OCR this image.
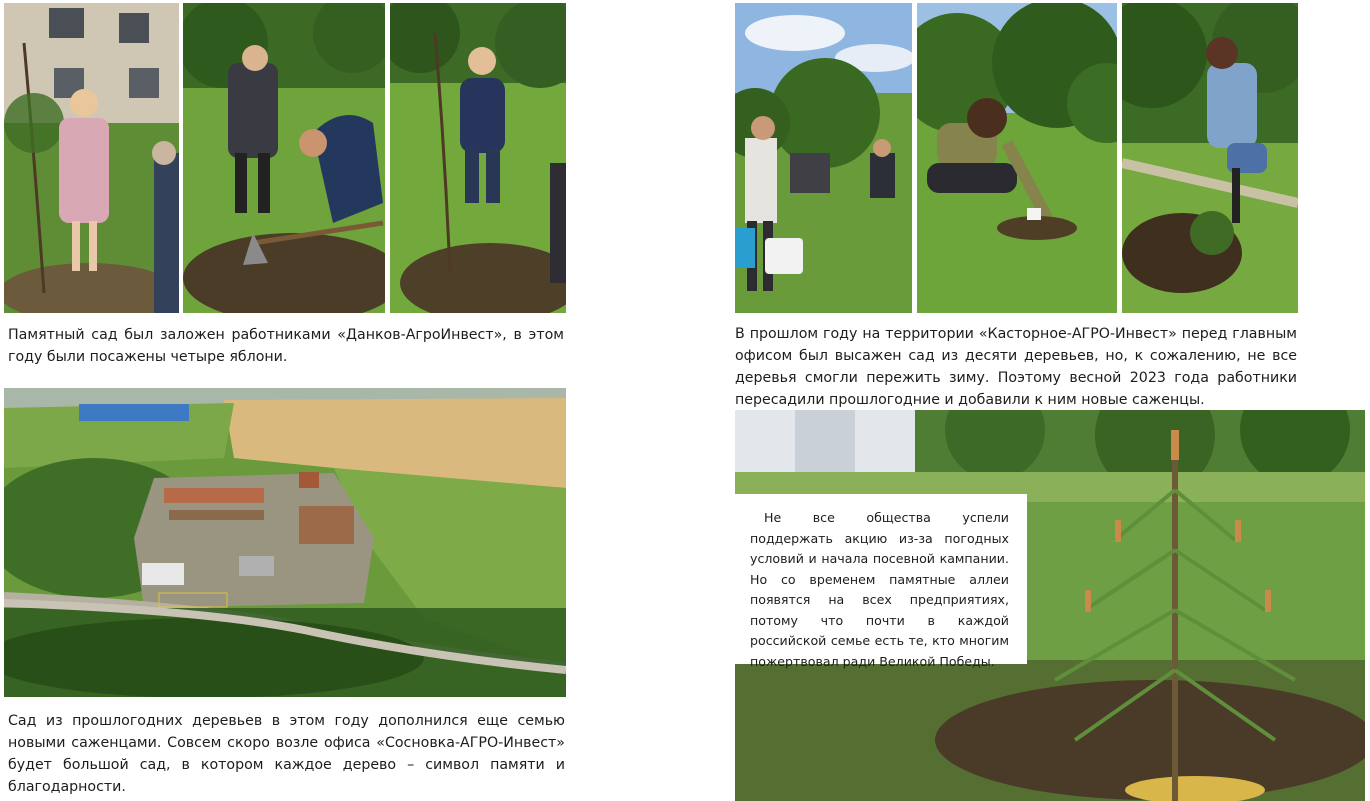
Памятный сад был заложен работниками «Данков-АгроИнвест», в этом году были посажены четыре яблони.

В прошлом году на территории «Касторное-АГРО-Инвест» перед главным офисом был высажен сад из десяти деревьев, но, к сожалению, не все деревья смогли пережить зиму. Поэтому весной 2023 года работники пересадили прошлогодние и добавили к ним новые саженцы.

Сад из прошлогодних деревьев в этом году дополнился еще семью новыми саженцами. Совсем скоро возле офиса «Сосновка-АГРО-Инвест» будет большой сад, в котором каждое дерево – символ памяти и благодарности.

Не все общества успели поддержать акцию из-за погодных условий и начала посевной кампании. Но со временем памятные аллеи появятся на всех предприятиях, потому что почти в каждой российской семье есть те, кто многим пожертвовал ради Великой Победы.
